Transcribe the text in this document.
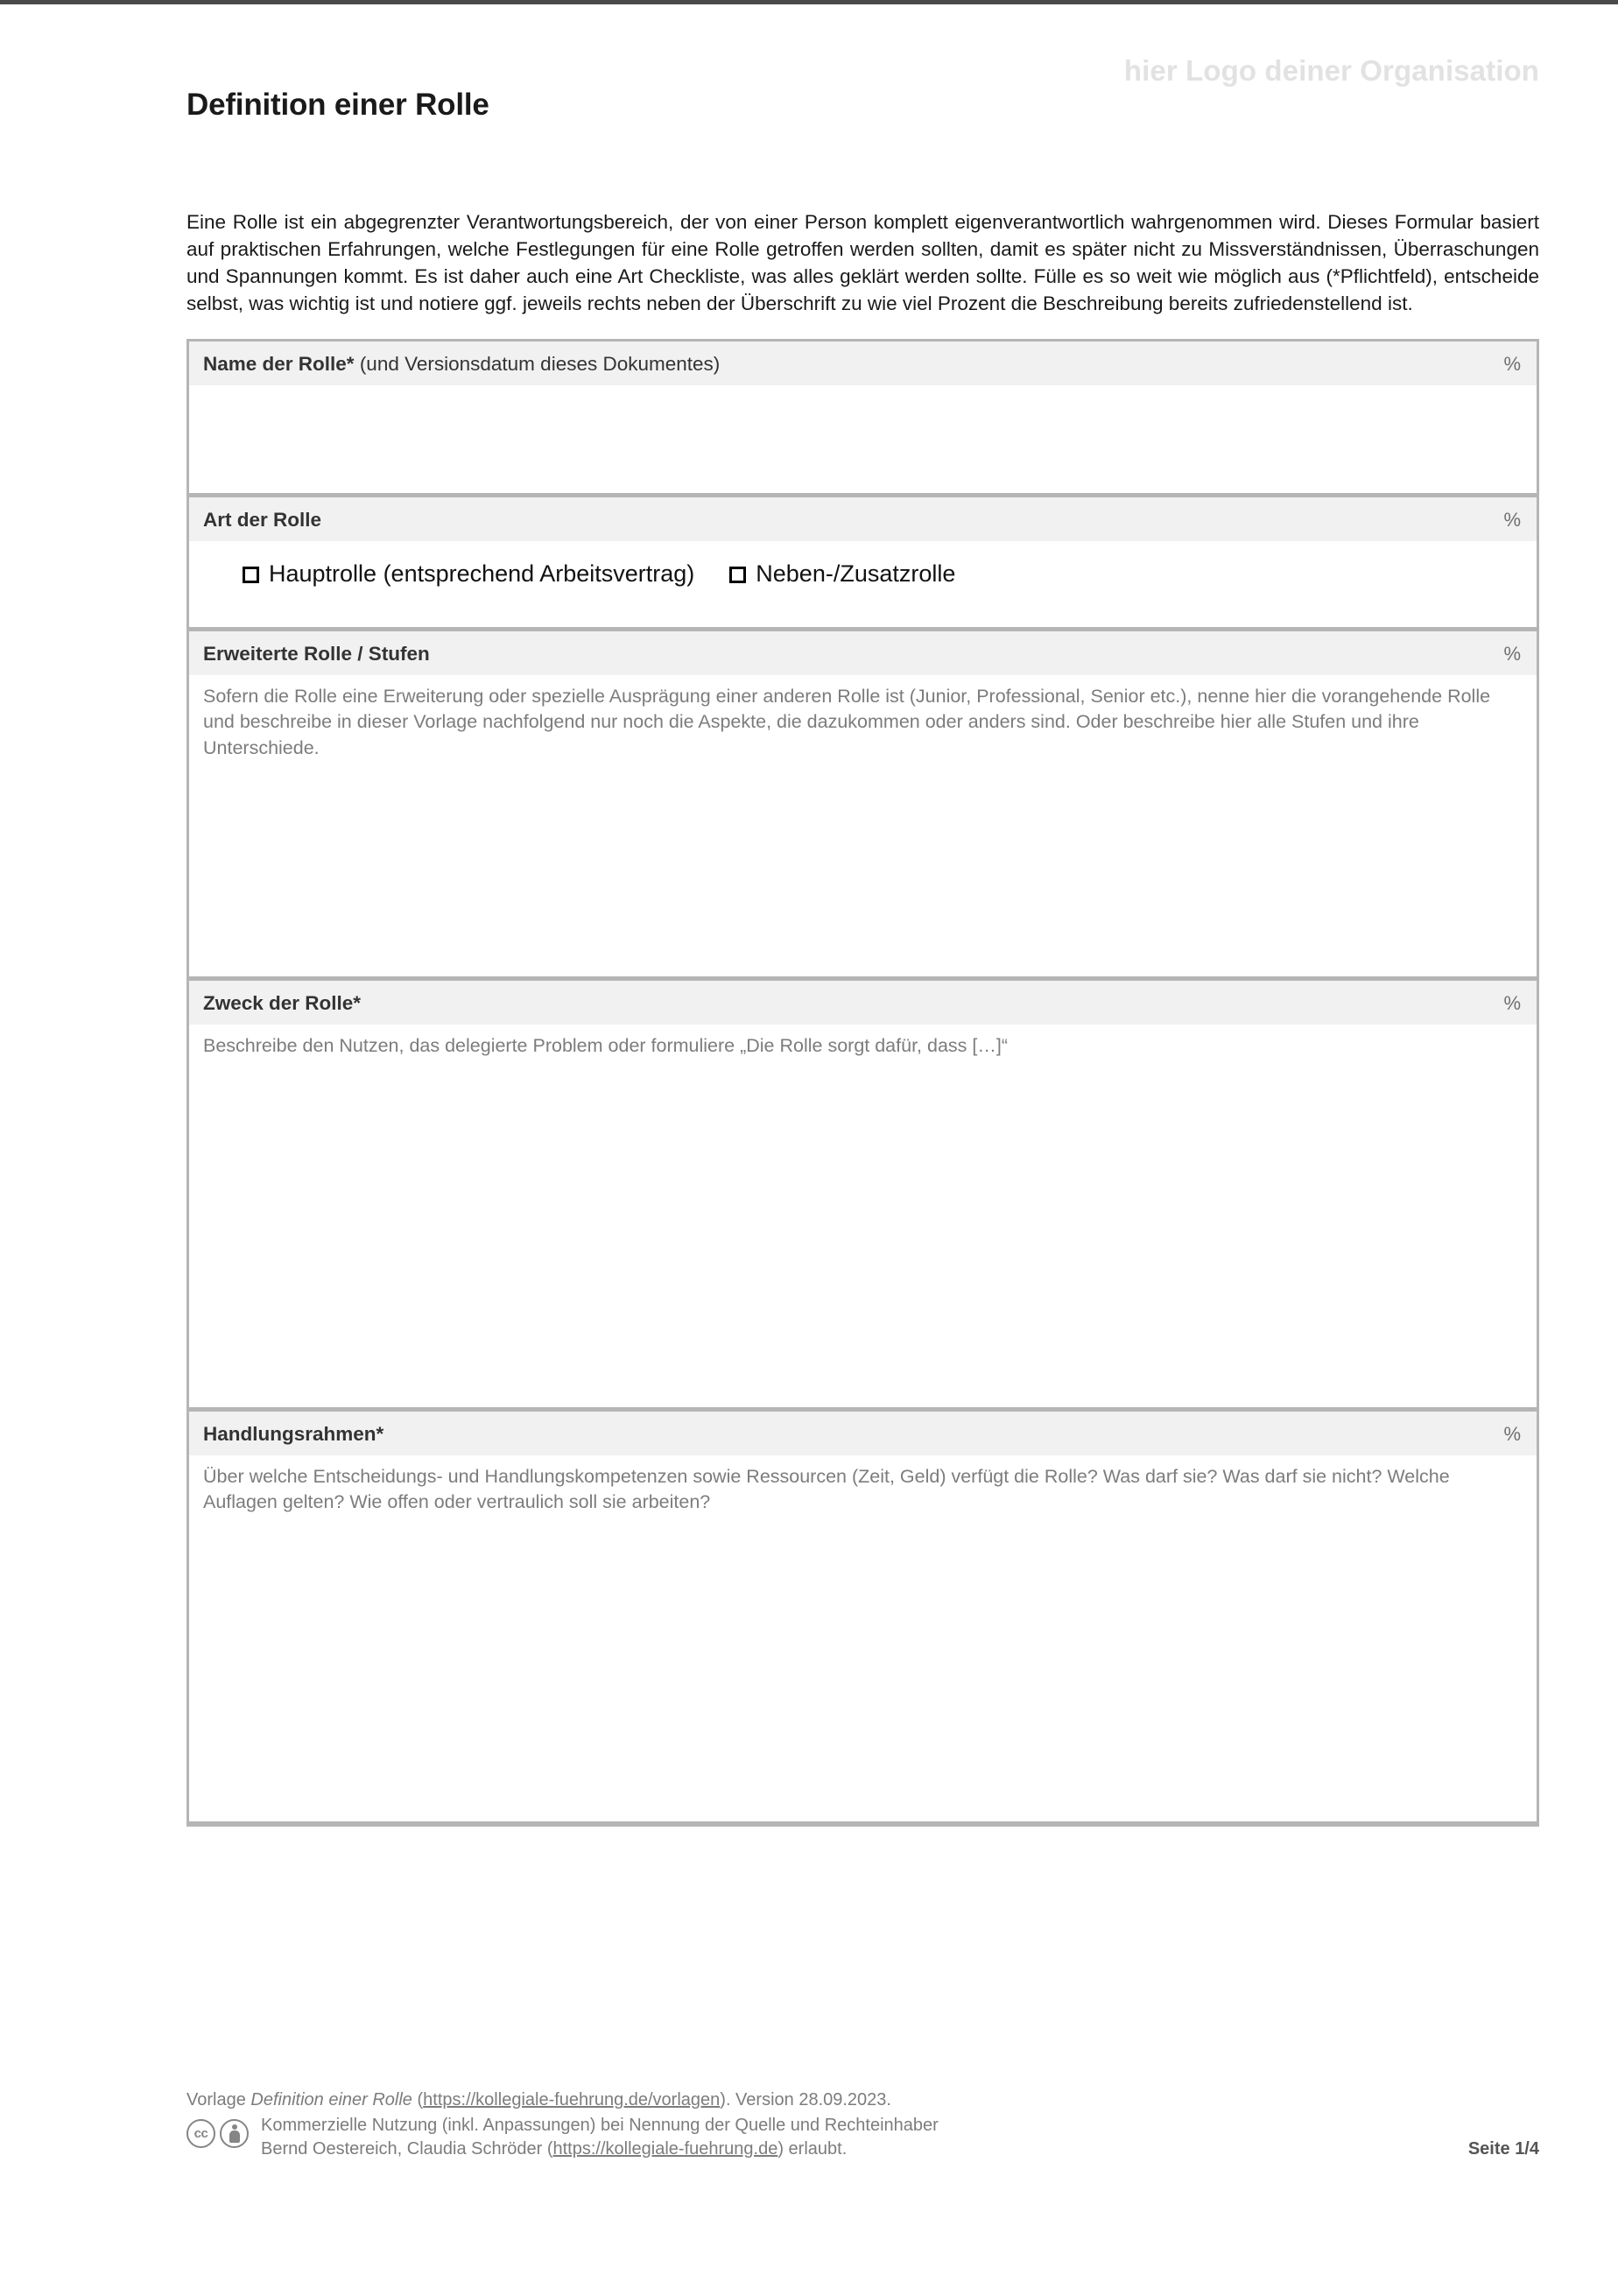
hier Logo deiner Organisation
Definition einer Rolle

Eine Rolle ist ein abgegrenzter Verantwortungsbereich, der von einer Person komplett eigenverantwortlich wahrgenommen wird. Dieses Formular basiert auf praktischen Erfahrungen, welche Festlegungen für eine Rolle getroffen werden sollten, damit es später nicht zu Missverständnissen, Überraschungen und Spannungen kommt. Es ist daher auch eine Art Checkliste, was alles geklärt werden sollte. Fülle es so weit wie möglich aus (*Pflichtfeld), entscheide selbst, was wichtig ist und notiere ggf. jeweils rechts neben der Überschrift zu wie viel Prozent die Beschreibung bereits zufriedenstellend ist.

Name der Rolle* (und Versionsdatum dieses Dokumentes)	%

Art der Rolle	%
Hauptrolle (entsprechend Arbeitsvertrag)	Neben-/Zusatzrolle
Erweiterte Rolle / Stufen	%

Sofern die Rolle eine Erweiterung oder spezielle Ausprägung einer anderen Rolle ist (Junior, Professional, Senior etc.), nenne hier die vorangehende Rolle und beschreibe in dieser Vorlage nachfolgend nur noch die Aspekte, die dazukommen oder anders sind. Oder beschreibe hier alle Stufen und ihre Unterschiede.

Zweck der Rolle*	%

Beschreibe den Nutzen, das delegierte Problem oder formuliere „Die Rolle sorgt dafür, dass […]“

Handlungsrahmen*	%

Über welche Entscheidungs- und Handlungskompetenzen sowie Ressourcen (Zeit, Geld) verfügt die Rolle? Was darf sie? Was darf sie nicht? Welche Auflagen gelten? Wie offen oder vertraulich soll sie arbeiten?

Vorlage Definition einer Rolle (https://kollegiale-fuehrung.de/vorlagen). Version 28.09.2023.
cc	Kommerzielle Nutzung (inkl. Anpassungen) bei Nennung der Quelle und Rechteinhaber
Bernd Oestereich, Claudia Schröder (https://kollegiale-fuehrung.de) erlaubt.	Seite 1/4
